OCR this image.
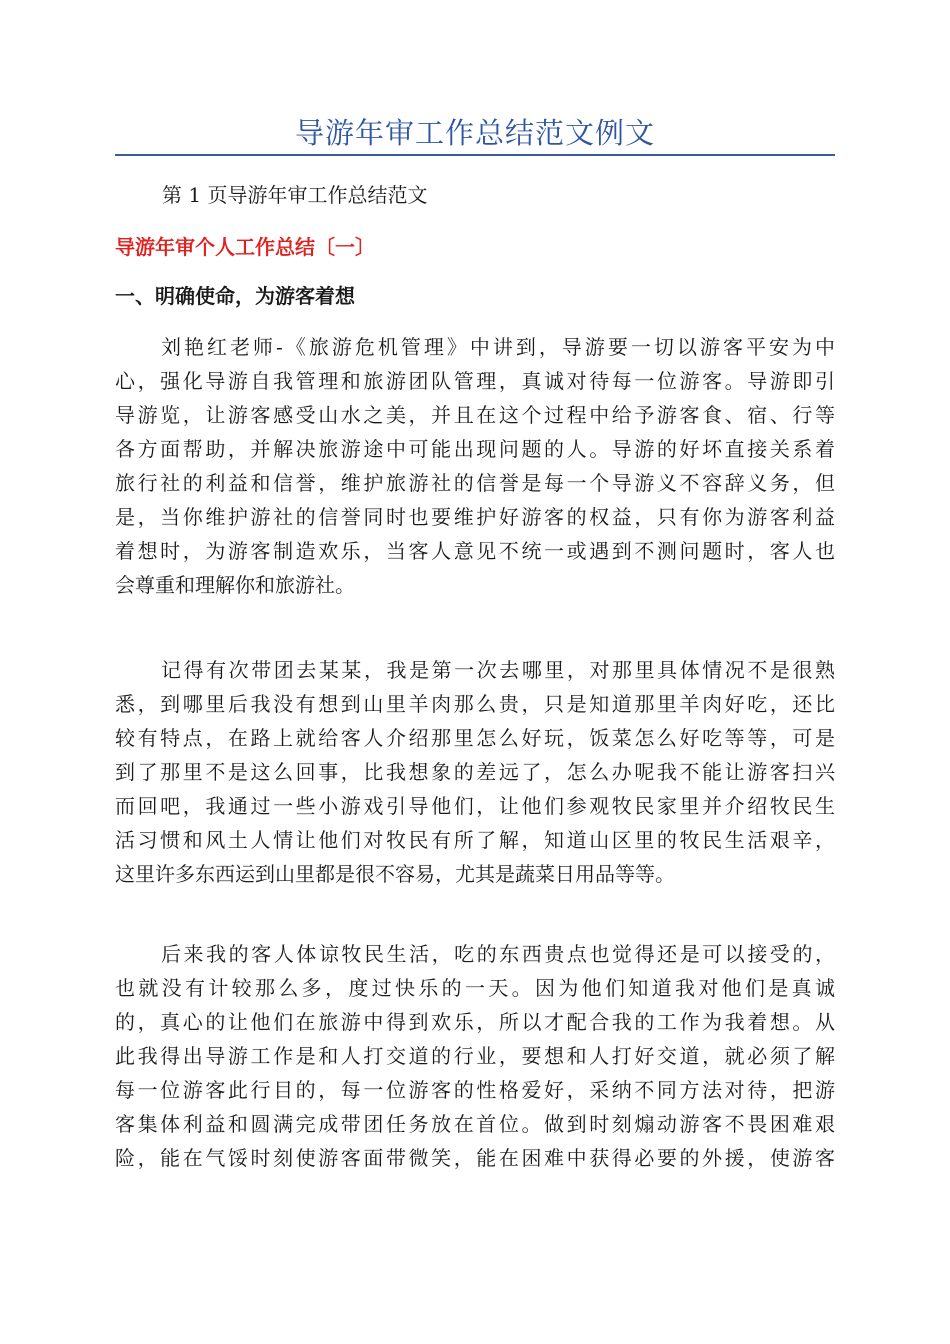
导游年审工作总结范文例文
第 1 页导游年审工作总结范文
导游年审个人工作总结〔一〕
一、明确使命，为游客着想

刘艳红老师-《旅游危机管理》中讲到，导游要一切以游客平安为中
心，强化导游自我管理和旅游团队管理，真诚对待每一位游客。导游即引
导游览，让游客感受山水之美，并且在这个过程中给予游客食、宿、行等
各方面帮助，并解决旅游途中可能出现问题的人。导游的好坏直接关系着
旅行社的利益和信誉，维护旅游社的信誉是每一个导游义不容辞义务，但
是，当你维护游社的信誉同时也要维护好游客的权益，只有你为游客利益
着想时，为游客制造欢乐，当客人意见不统一或遇到不测问题时，客人也
会尊重和理解你和旅游社。

记得有次带团去某某，我是第一次去哪里，对那里具体情况不是很熟
悉，到哪里后我没有想到山里羊肉那么贵，只是知道那里羊肉好吃，还比
较有特点，在路上就给客人介绍那里怎么好玩，饭菜怎么好吃等等，可是
到了那里不是这么回事，比我想象的差远了，怎么办呢我不能让游客扫兴
而回吧，我通过一些小游戏引导他们，让他们参观牧民家里并介绍牧民生
活习惯和风土人情让他们对牧民有所了解，知道山区里的牧民生活艰辛，
这里许多东西运到山里都是很不容易，尤其是蔬菜日用品等等。

后来我的客人体谅牧民生活，吃的东西贵点也觉得还是可以接受的，
也就没有计较那么多，度过快乐的一天。因为他们知道我对他们是真诚
的，真心的让他们在旅游中得到欢乐，所以才配合我的工作为我着想。从
此我得出导游工作是和人打交道的行业，要想和人打好交道，就必须了解
每一位游客此行目的，每一位游客的性格爱好，采纳不同方法对待，把游
客集体利益和圆满完成带团任务放在首位。做到时刻煽动游客不畏困难艰
险，能在气馁时刻使游客面带微笑，能在困难中获得必要的外援，使游客
